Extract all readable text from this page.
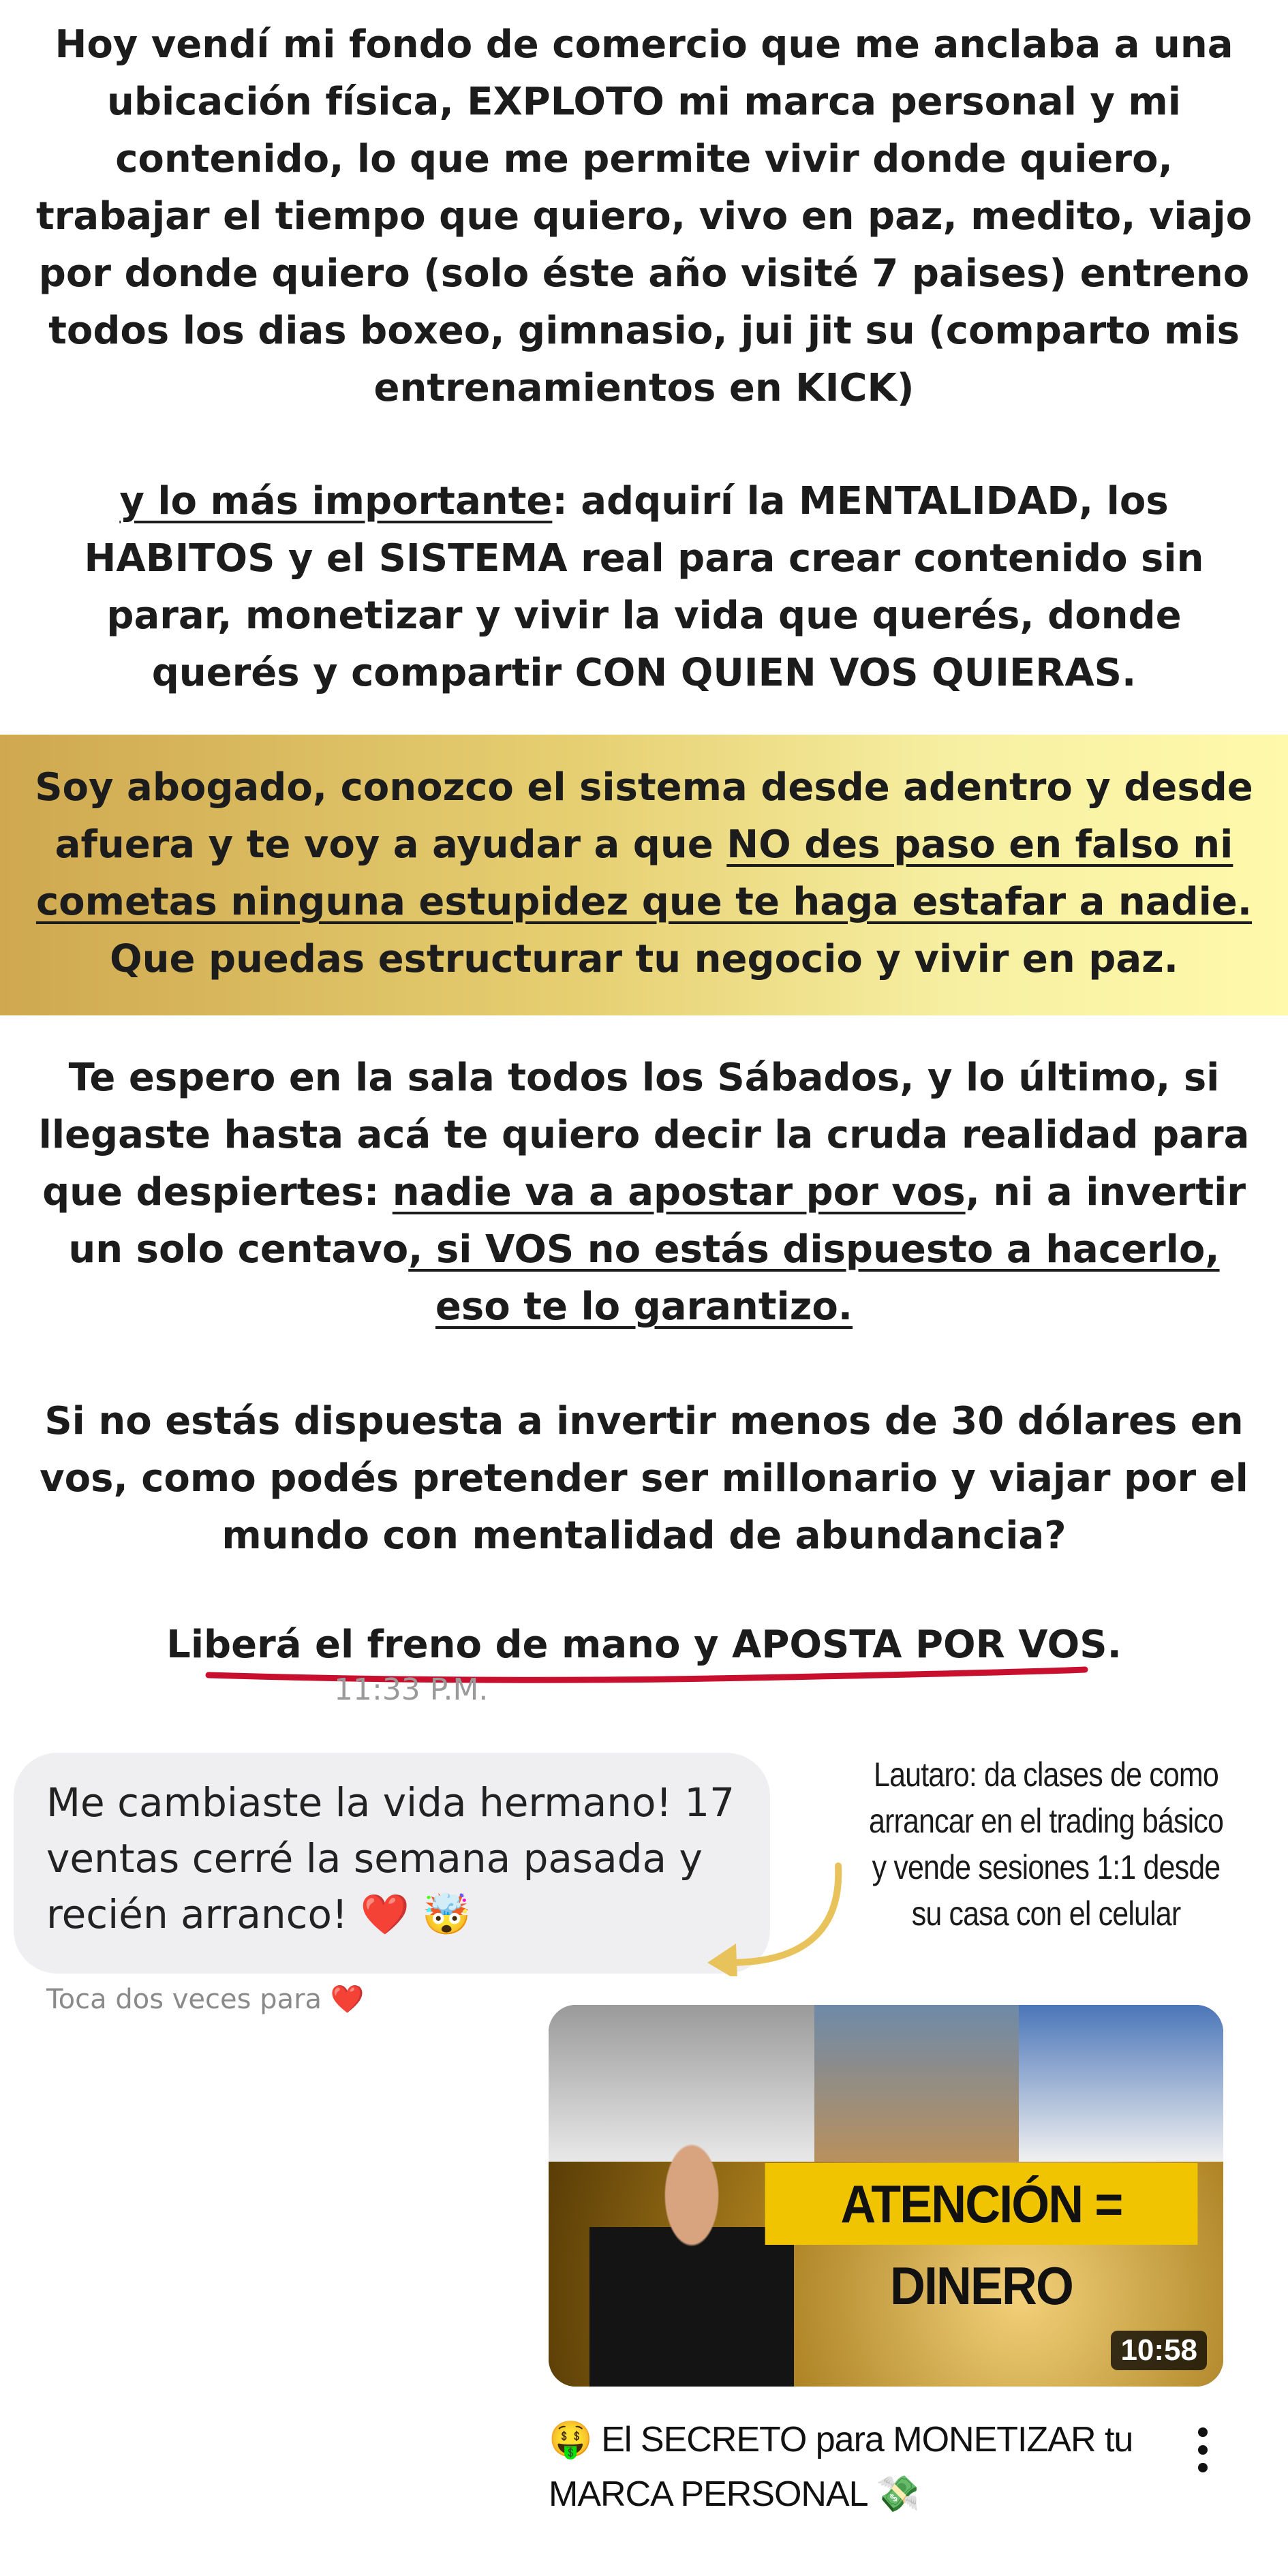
Hoy vendí mi fondo de comercio que me anclaba a una ubicación física, EXPLOTO mi marca personal y mi contenido, lo que me permite vivir donde quiero, trabajar el tiempo que quiero, vivo en paz, medito, viajo por donde quiero (solo éste año visité 7 paises) entreno todos los dias boxeo, gimnasio, jui jit su (comparto mis entrenamientos en KICK)
y lo más importante: adquirí la MENTALIDAD, los HABITOS y el SISTEMA real para crear contenido sin parar, monetizar y vivir la vida que querés, donde querés y compartir CON QUIEN VOS QUIERAS.
Soy abogado, conozco el sistema desde adentro y desde afuera y te voy a ayudar a que NO des paso en falso ni cometas ninguna estupidez que te haga estafar a nadie. Que puedas estructurar tu negocio y vivir en paz.
Te espero en la sala todos los Sábados, y lo último, si llegaste hasta acá te quiero decir la cruda realidad para que despiertes: nadie va a apostar por vos, ni a invertir un solo centavo, si VOS no estás dispuesto a hacerlo, eso te lo garantizo.
Si no estás dispuesta a invertir menos de 30 dólares en vos, como podés pretender ser millonario y viajar por el mundo con mentalidad de abundancia?
Liberá el freno de mano y APOSTA POR VOS.
11:33 P.M.
Me cambiaste la vida hermano! 17 ventas cerré la semana pasada y recién arranco! ❤️ 🤯
Toca dos veces para ❤️
Lautaro: da clases de como arrancar en el trading básico y vende sesiones 1:1 desde su casa con el celular
ATENCIÓN = DINERO
10:58
🤑 El SECRETO para MONETIZAR tu MARCA PERSONAL 💸
